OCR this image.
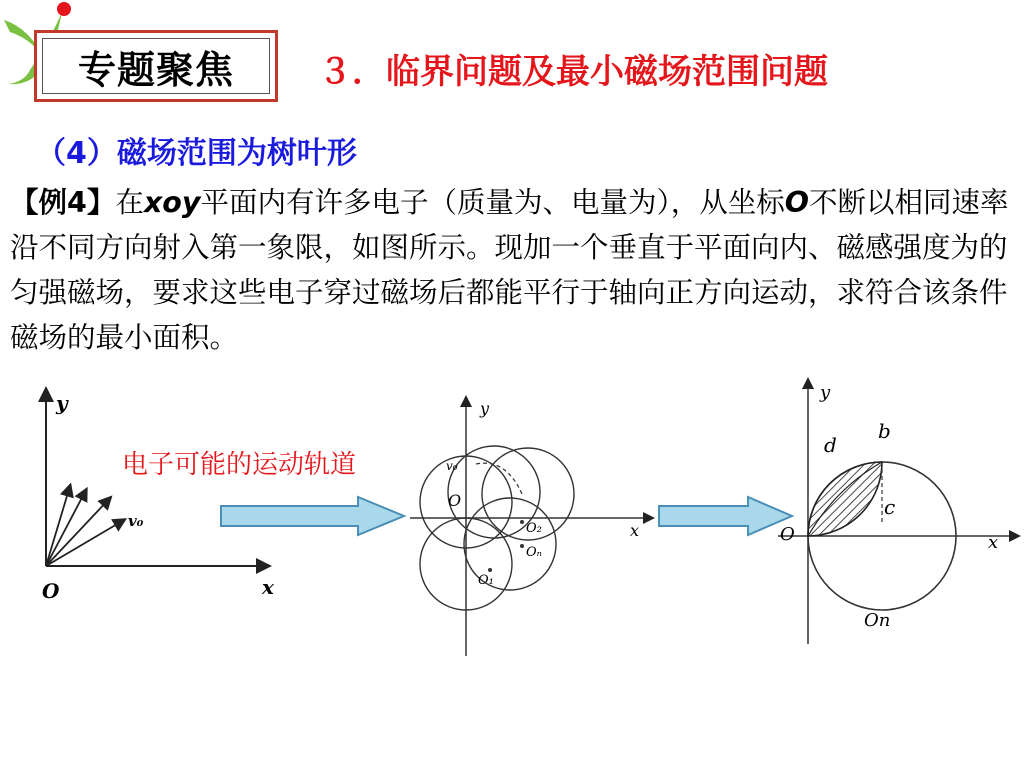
专题聚焦 ３．临界问题及最小磁场范围问题
（4）磁场范围为树叶形
【例4】在xoy平面内有许多电子（质量为、电量为），从坐标O不断以相同速率沿不同方向射入第一象限，如图所示。现加一个垂直于平面向内、磁感强度为的匀强磁场，要求这些电子穿过磁场后都能平行于轴向正方向运动，求符合该条件磁场的最小面积。
y
x
O
v₀
电子可能的运动轨道
y
x
O
v₀
O₂
Oₙ
O₁
y
x
O
b
d
c
On
